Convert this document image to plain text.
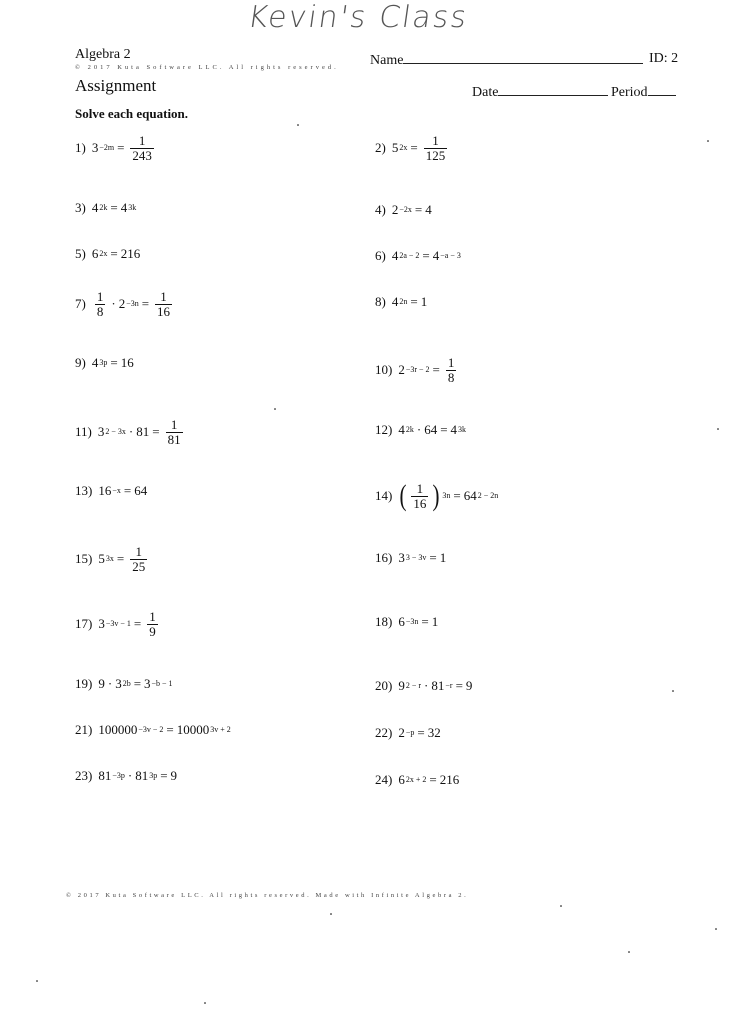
Kevin's Class
Algebra 2
© 2017 Kuta Software LLC. All rights reserved. Name	ID: 2
Assignment	Date	Period
Solve each equation.
1) $3 -2m = \frac{1}{243}$	2) 5 $2x = \frac{1}{125}$
3) 4 2k = 4 3k	4) 2 −2x = 4
5) 6 2x = 216	6) 4 2a − 2 = 4 −a − 3
$7) \frac{1}{8} \cdot 2 -3n = \frac{1}{16}$	8) 4 2n = 1
9) 4 3p = 16	10) $2 -3r - 2 = \frac{1}{8}$
11) 3 $2 - 3x \cdot 81 = \frac{1}{81}$	12) 4 2k · 64 = 4 3k
13) 16 −x = 64	14) ( $\frac{1}{16}$ ) 3n = 64 2 − 2n
15) 5 $3x = \frac{1}{25}$	16) 3 3 − 3v = 1
17) $3 -3v - 1 = \frac{1}{9}$	18) 6 −3n = 1
19) 9 · 3 2b = 3 −b − 1	20) 9 2 − r · 81 −r = 9
21) 100000 −3v − 2 = 10000 3v + 2	22) 2 −p = 32
23) 81 −3p · 81 3p = 9	24) 6 2x + 2 = 216
© 2017 Kuta Software LLC. All rights reserved. Made with Infinite Algebra 2.
